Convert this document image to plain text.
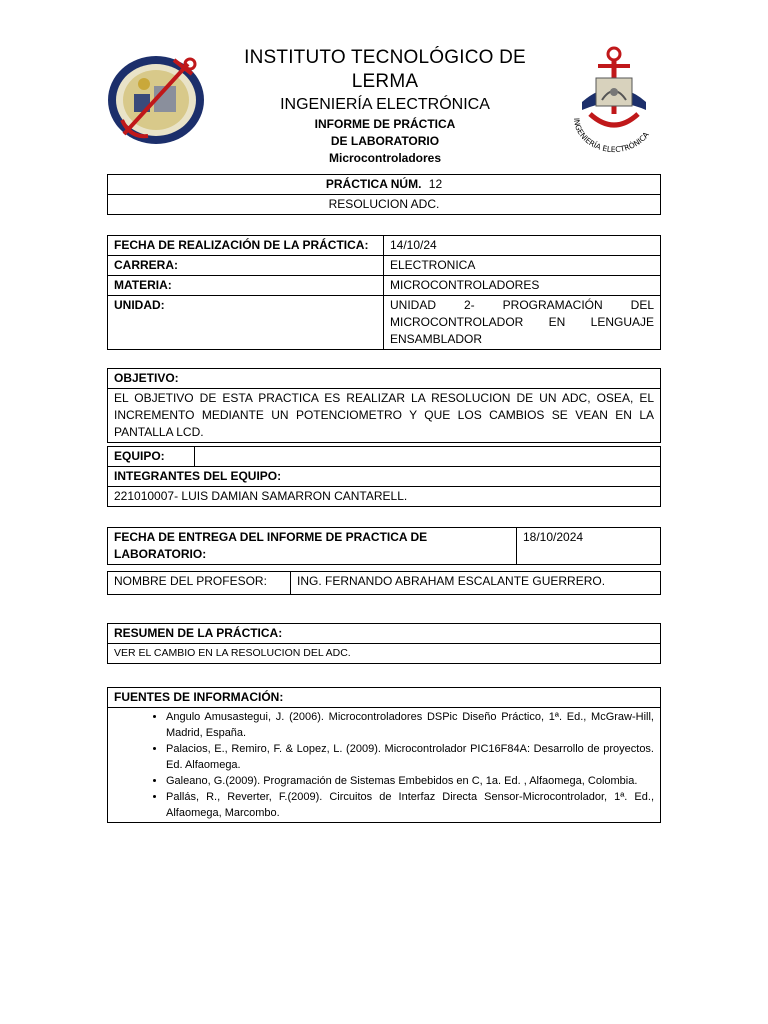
INSTITUTO TECNOLÓGICO DE LERMA
INGENIERÍA ELECTRÓNICA
INFORME DE PRÁCTICA
DE LABORATORIO
Microcontroladores
INGENIERÍA ELECTRÓNICA
PRÁCTICA NÚM. 12
RESOLUCION ADC.
FECHA DE REALIZACIÓN DE LA PRÁCTICA:	14/10/24
CARRERA:	ELECTRONICA
MATERIA:	MICROCONTROLADORES
UNIDAD:	UNIDAD 2- PROGRAMACIÓN DEL MICROCONTROLADOR EN LENGUAJE ENSAMBLADOR
OBJETIVO:
EL OBJETIVO DE ESTA PRACTICA ES REALIZAR LA RESOLUCION DE UN ADC, OSEA, EL INCREMENTO MEDIANTE UN POTENCIOMETRO Y QUE LOS CAMBIOS SE VEAN EN LA PANTALLA LCD.
EQUIPO:	
INTEGRANTES DEL EQUIPO:
221010007- LUIS DAMIAN SAMARRON CANTARELL.
FECHA DE ENTREGA DEL INFORME DE PRACTICA DE LABORATORIO:	18/10/2024
NOMBRE DEL PROFESOR:	ING. FERNANDO ABRAHAM ESCALANTE GUERRERO.
RESUMEN DE LA PRÁCTICA:
VER EL CAMBIO EN LA RESOLUCION DEL ADC.
FUENTES DE INFORMACIÓN:

• Angulo Amusastegui, J. (2006). Microcontroladores DSPic Diseño Práctico, 1ª. Ed., McGraw-Hill, Madrid, España.
• Palacios, E., Remiro, F. & Lopez, L. (2009). Microcontrolador PIC16F84A: Desarrollo de proyectos. Ed. Alfaomega.
• Galeano, G.(2009). Programación de Sistemas Embebidos en C, 1a. Ed. , Alfaomega, Colombia.
• Pallás, R., Reverter, F.(2009). Circuitos de Interfaz Directa Sensor-Microcontrolador, 1ª. Ed., Alfaomega, Marcombo.
